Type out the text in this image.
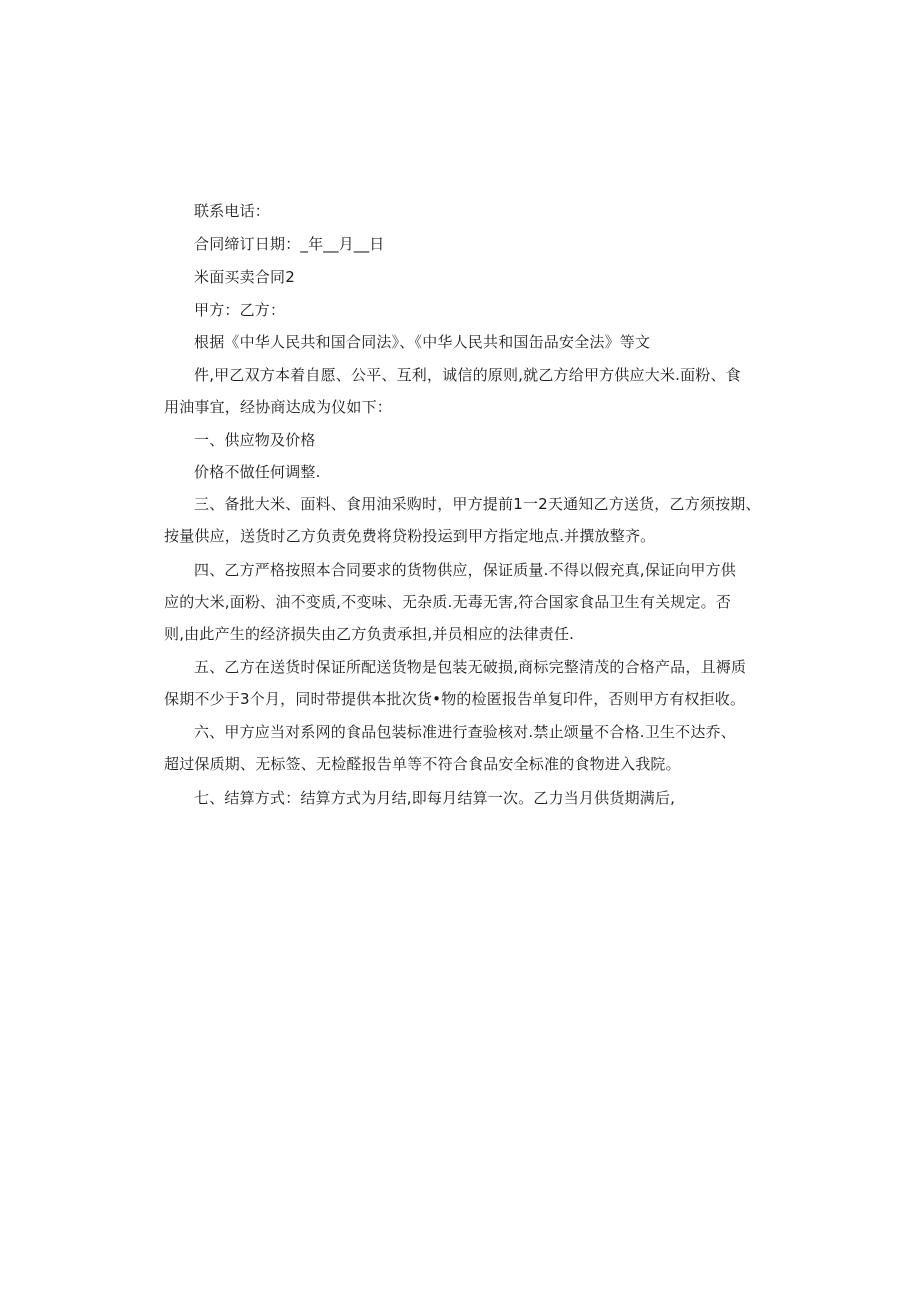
联系电话：
合同缔订日期：_年__月__日
米面买卖合同2
甲方：乙方：
根据《中华人民共和国合同法》、《中华人民共和国缶品安全法》等文
件,甲乙双方本着自愿、公平、互利，诚信的原则,就乙方给甲方供应大米.面粉、食
用油事宜，经协商达成为仪如下：
一、供应物及价格
价格不做任何调整.
三、备批大米、面料、食用油采购时，甲方提前1一2天通知乙方送货，乙方须按期、
按量供应，送货时乙方负责免费将贷粉投运到甲方指定地点.并撰放整齐。
四、乙方严格按照本合同要求的货物供应，保证质量.不得以假充真,保证向甲方供
应的大米,面粉、油不变质,不变味、无杂质.无毒无害,符合国家食品卫生有关规定。否
则,由此产生的经济损失由乙方负责承担,并员相应的法律责任.
五、乙方在送货时保证所配送货物是包装无破损,商标完整清茂的合格产品，且褥质
保期不少于3个月，同时带提供本批次货•物的检匿报告单复印件，否则甲方有权拒收。
六、甲方应当对系网的食品包装标准进行查验核对.禁止颂量不合格.卫生不达乔、
超过保质期、无标签、无检醛报告单等不符合食品安全标准的食物进入我院。
七、结算方式：结算方式为月结,即每月结算一次。乙力当月供货期满后,
